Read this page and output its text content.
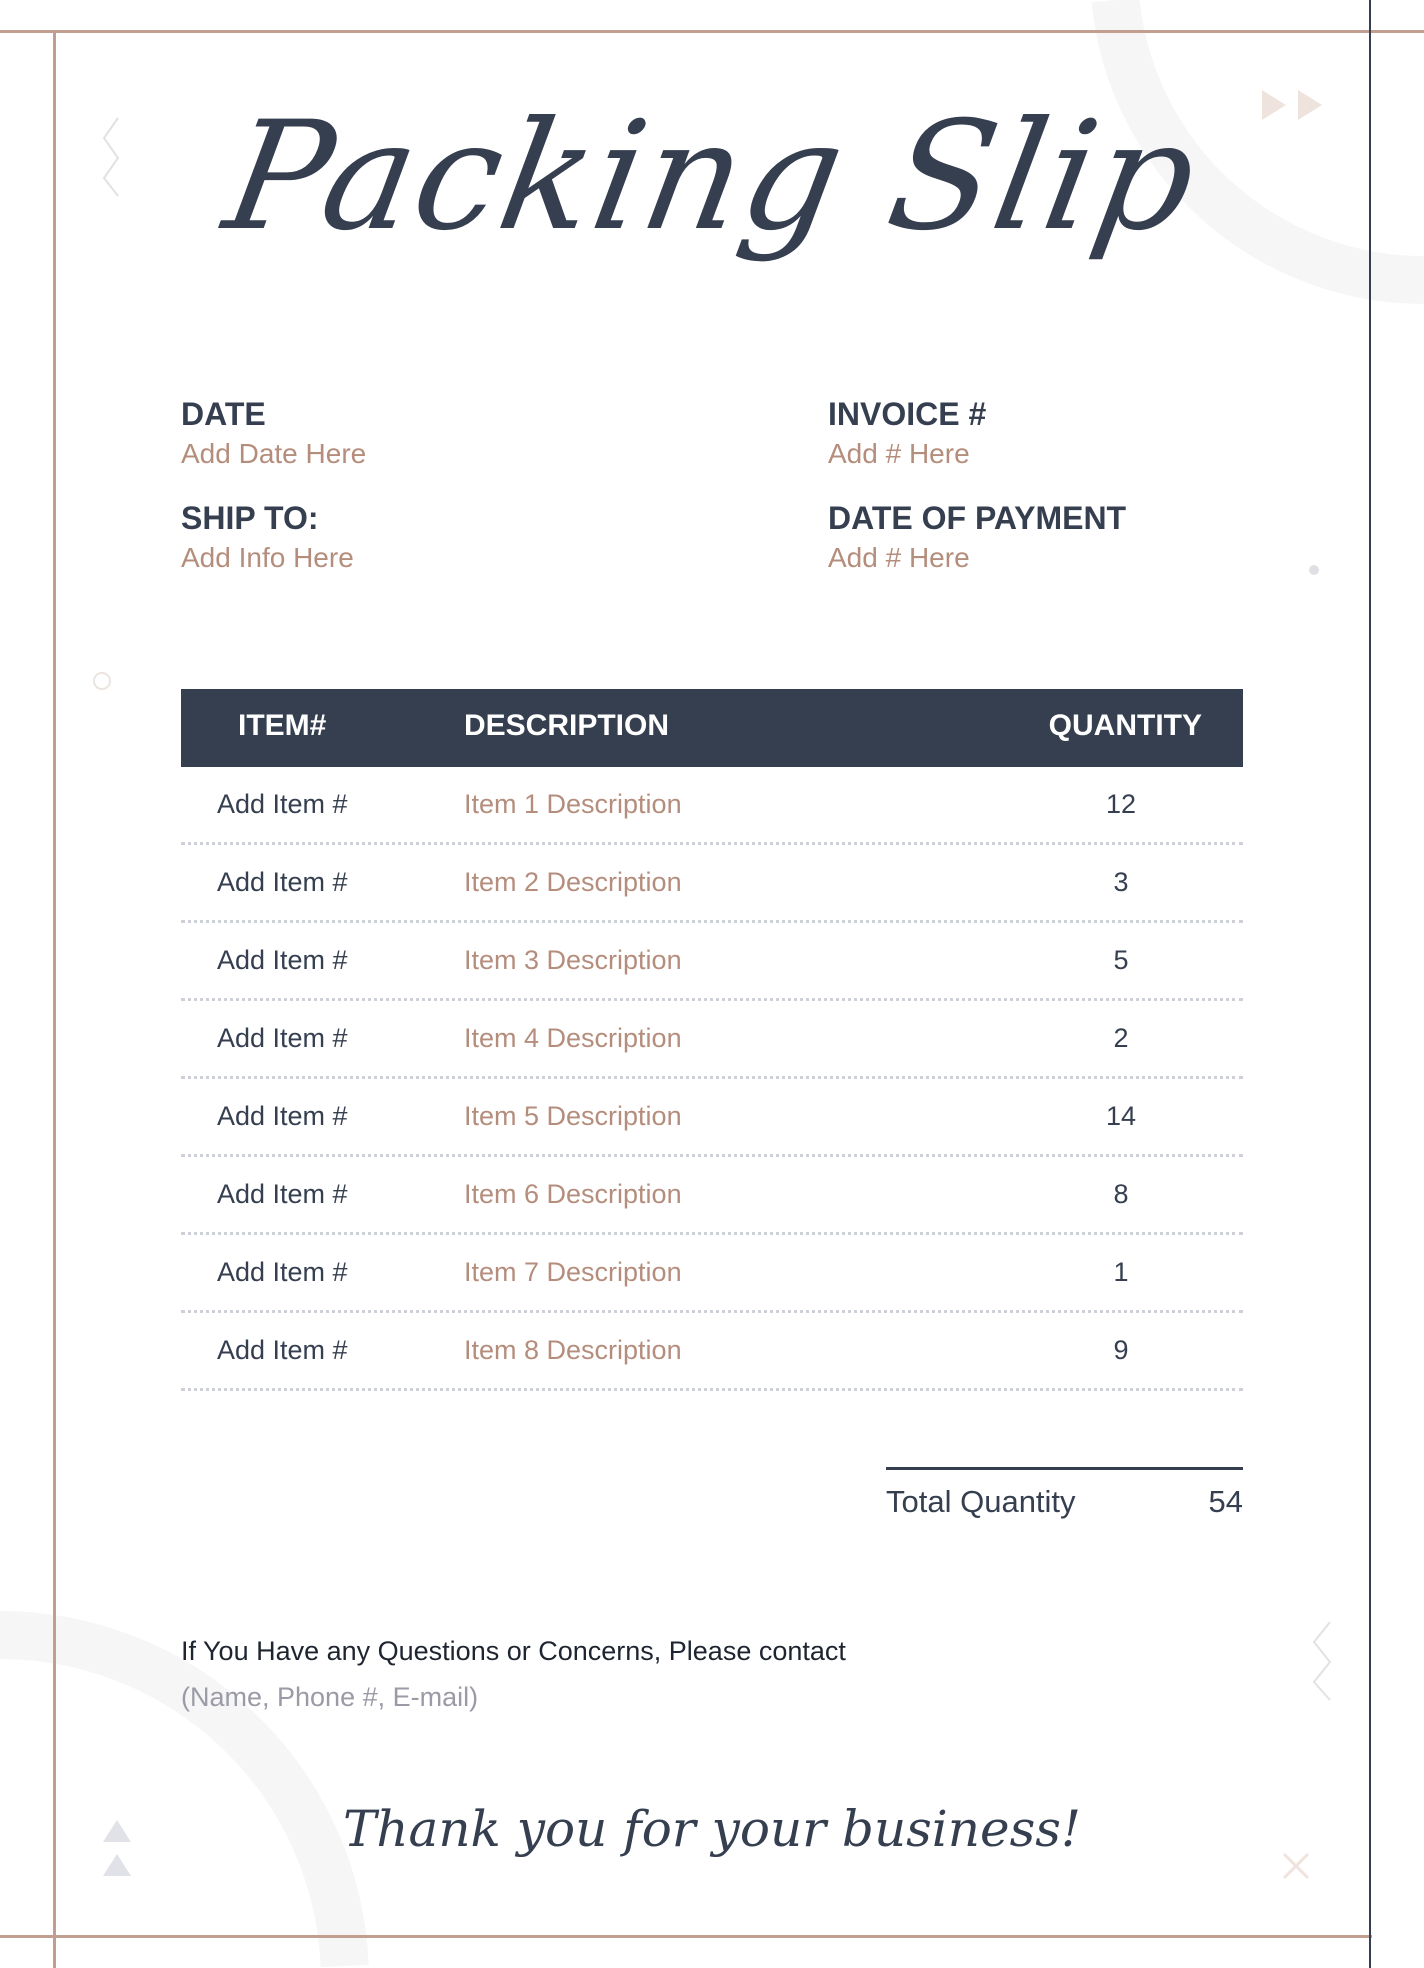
Packing Slip
DATE
Add Date Here
SHIP TO:
Add Info Here
INVOICE #
Add # Here
DATE OF PAYMENT
Add # Here
ITEM#	DESCRIPTION	QUANTITY
Add Item #	Item 1 Description	12
Add Item #	Item 2 Description	3
Add Item #	Item 3 Description	5
Add Item #	Item 4 Description	2
Add Item #	Item 5 Description	14
Add Item #	Item 6 Description	8
Add Item #	Item 7 Description	1
Add Item #	Item 8 Description	9
Total Quantity	54
If You Have any Questions or Concerns, Please contact
(Name, Phone #, E-mail)
Thank you for your business!
